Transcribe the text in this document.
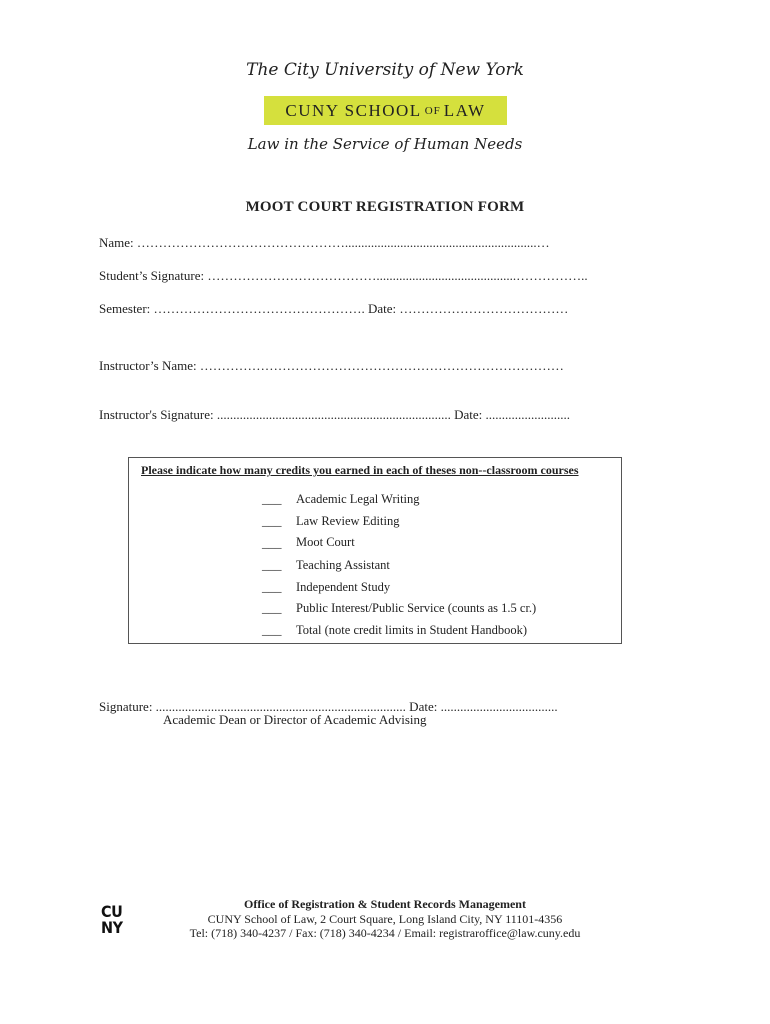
The City University of New York
CUNY SCHOOL OF LAW
Law in the Service of Human Needs
MOOT COURT REGISTRATION FORM
Name: …………………………………………...........................................................…
Student’s Signature: …………………………………...........................................……………..
Semester: …………………………………………. Date: …………………………………
Instructor’s Name: …………………………………………………………………………
Instructor's Signature: ........................................................................ Date: ..........................
Please indicate how many credits you earned in each of theses non--classroom courses
___ Academic Legal Writing
___ Law Review Editing
___ Moot Court
___ Teaching Assistant
___ Independent Study
___ Public Interest/Public Service (counts as 1.5 cr.)
___ Total (note credit limits in Student Handbook)
Signature: ............................................................................. Date: ....................................
Academic Dean or Director of Academic Advising
CU
NY
Office of Registration & Student Records Management
CUNY School of Law, 2 Court Square, Long Island City, NY 11101-4356
Tel: (718) 340-4237 / Fax: (718) 340-4234 / Email: registraroffice@law.cuny.edu
